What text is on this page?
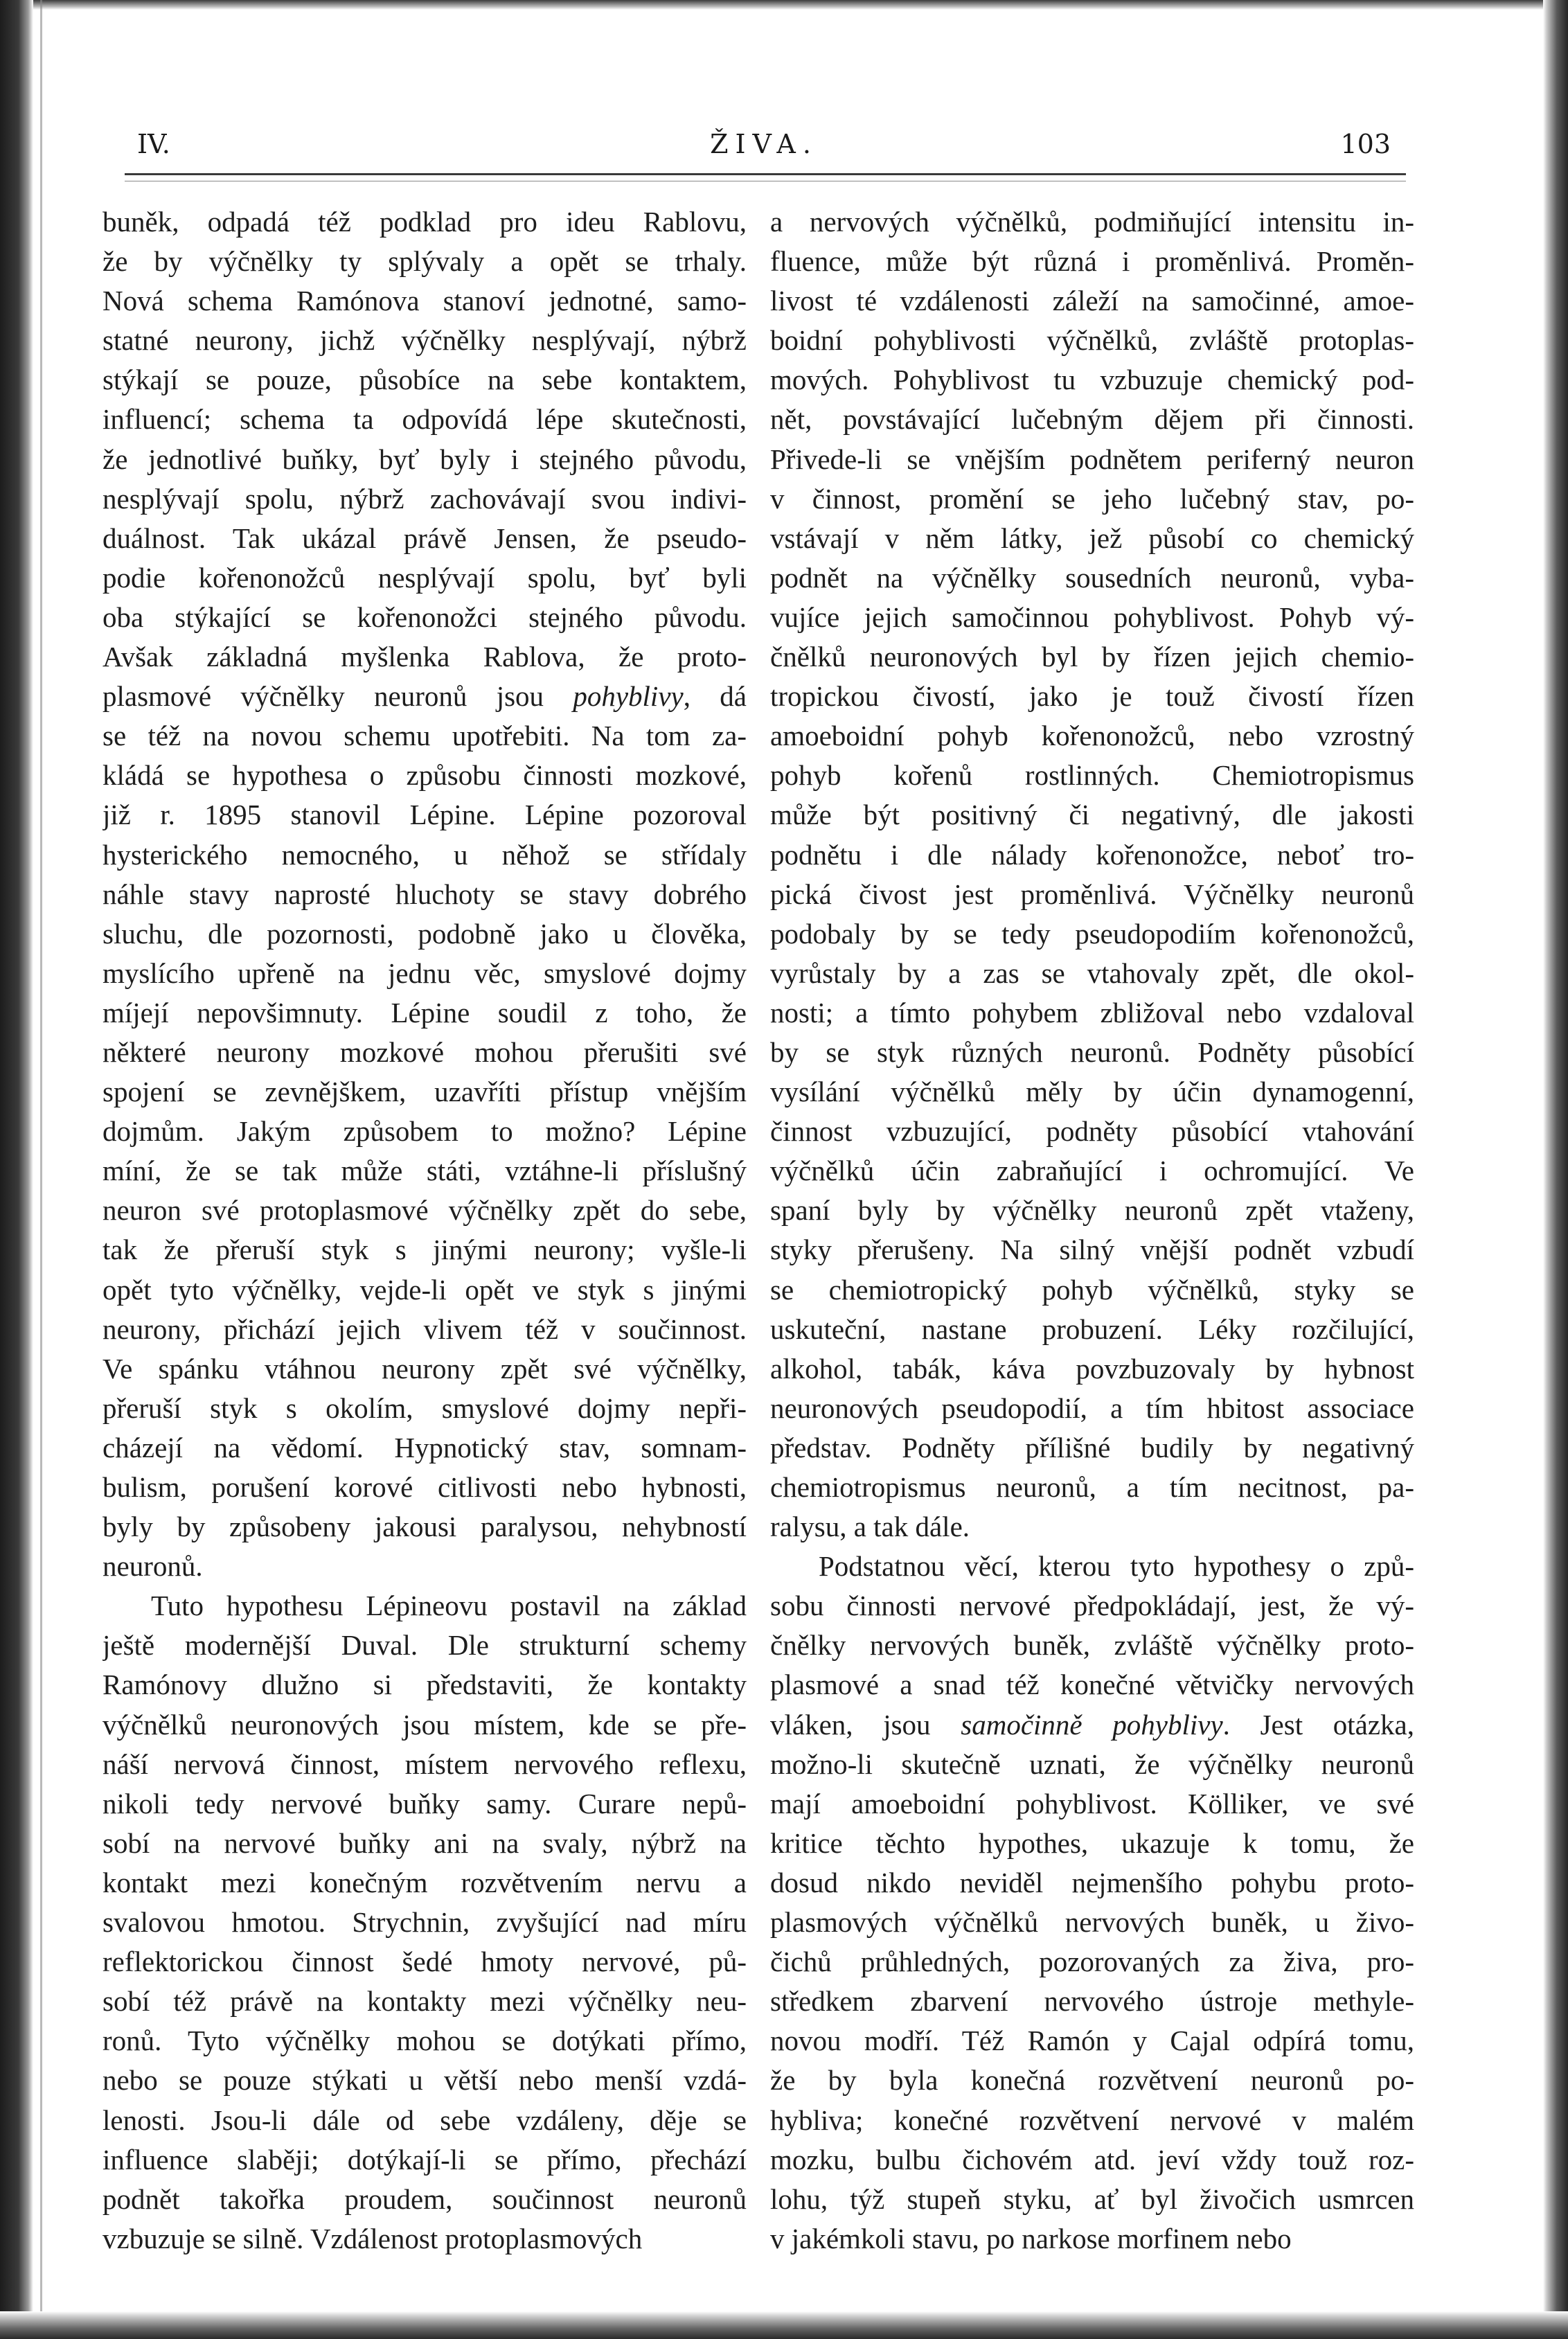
IV.	ŽIVA.	103
buněk, odpadá též podklad pro ideu Rablovu,
že by výčnělky ty splývaly a opět se trhaly.
Nová schema Ramónova stanoví jednotné, samo-
statné neurony, jichž výčnělky nesplývají, nýbrž
stýkají se pouze, působíce na sebe kontaktem,
influencí; schema ta odpovídá lépe skutečnosti,
že jednotlivé buňky, byť byly i stejného původu,
nesplývají spolu, nýbrž zachovávají svou indivi-
duálnost. Tak ukázal právě Jensen, že pseudo-
podie kořenonožců nesplývají spolu, byť byli
oba stýkající se kořenonožci stejného původu.
Avšak základná myšlenka Rablova, že proto-
plasmové výčnělky neuronů jsou pohyblivy, dá
se též na novou schemu upotřebiti. Na tom za-
kládá se hypothesa o způsobu činnosti mozkové,
již r. 1895 stanovil Lépine. Lépine pozoroval
hysterického nemocného, u něhož se střídaly
náhle stavy naprosté hluchoty se stavy dobrého
sluchu, dle pozornosti, podobně jako u člověka,
myslícího upřeně na jednu věc, smyslové dojmy
míjejí nepovšimnuty. Lépine soudil z toho, že
některé neurony mozkové mohou přerušiti své
spojení se zevnějškem, uzavříti přístup vnějším
dojmům. Jakým způsobem to možno? Lépine
míní, že se tak může státi, vztáhne-li příslušný
neuron své protoplasmové výčnělky zpět do sebe,
tak že přeruší styk s jinými neurony; vyšle-li
opět tyto výčnělky, vejde-li opět ve styk s jinými
neurony, přichází jejich vlivem též v součinnost.
Ve spánku vtáhnou neurony zpět své výčnělky,
přeruší styk s okolím, smyslové dojmy nepři-
cházejí na vědomí. Hypnotický stav, somnam-
bulism, porušení korové citlivosti nebo hybnosti,
byly by způsobeny jakousi paralysou, nehybností
neuronů.
Tuto hypothesu Lépineovu postavil na základ
ještě modernější Duval. Dle strukturní schemy
Ramónovy dlužno si představiti, že kontakty
výčnělků neuronových jsou místem, kde se pře-
náší nervová činnost, místem nervového reflexu,
nikoli tedy nervové buňky samy. Curare nepů-
sobí na nervové buňky ani na svaly, nýbrž na
kontakt mezi konečným rozvětvením nervu a
svalovou hmotou. Strychnin, zvyšující nad míru
reflektorickou činnost šedé hmoty nervové, pů-
sobí též právě na kontakty mezi výčnělky neu-
ronů. Tyto výčnělky mohou se dotýkati přímo,
nebo se pouze stýkati u větší nebo menší vzdá-
lenosti. Jsou-li dále od sebe vzdáleny, děje se
influence slaběji; dotýkají-li se přímo, přechází
podnět takořka proudem, součinnost neuronů
vzbuzuje se silně. Vzdálenost protoplasmových
a nervových výčnělků, podmiňující intensitu in-
fluence, může být různá i proměnlivá. Proměn-
livost té vzdálenosti záleží na samočinné, amoe-
boidní pohyblivosti výčnělků, zvláště protoplas-
mových. Pohyblivost tu vzbuzuje chemický pod-
nět, povstávající lučebným dějem při činnosti.
Přivede-li se vnějším podnětem periferný neuron
v činnost, promění se jeho lučebný stav, po-
vstávají v něm látky, jež působí co chemický
podnět na výčnělky sousedních neuronů, vyba-
vujíce jejich samočinnou pohyblivost. Pohyb vý-
čnělků neuronových byl by řízen jejich chemio-
tropickou čivostí, jako je touž čivostí řízen
amoeboidní pohyb kořenonožců, nebo vzrostný
pohyb kořenů rostlinných. Chemiotropismus
může být positivný či negativný, dle jakosti
podnětu i dle nálady kořenonožce, neboť tro-
pická čivost jest proměnlivá. Výčnělky neuronů
podobaly by se tedy pseudopodiím kořenonožců,
vyrůstaly by a zas se vtahovaly zpět, dle okol-
nosti; a tímto pohybem zbližoval nebo vzdaloval
by se styk různých neuronů. Podněty působící
vysílání výčnělků měly by účin dynamogenní,
činnost vzbuzující, podněty působící vtahování
výčnělků účin zabraňující i ochromující. Ve
spaní byly by výčnělky neuronů zpět vtaženy,
styky přerušeny. Na silný vnější podnět vzbudí
se chemiotropický pohyb výčnělků, styky se
uskuteční, nastane probuzení. Léky rozčilující,
alkohol, tabák, káva povzbuzovaly by hybnost
neuronových pseudopodií, a tím hbitost associace
představ. Podněty přílišné budily by negativný
chemiotropismus neuronů, a tím necitnost, pa-
ralysu, a tak dále.
Podstatnou věcí, kterou tyto hypothesy o způ-
sobu činnosti nervové předpokládají, jest, že vý-
čnělky nervových buněk, zvláště výčnělky proto-
plasmové a snad též konečné větvičky nervových
vláken, jsou samočinně pohyblivy. Jest otázka,
možno-li skutečně uznati, že výčnělky neuronů
mají amoeboidní pohyblivost. Kölliker, ve své
kritice těchto hypothes, ukazuje k tomu, že
dosud nikdo neviděl nejmenšího pohybu proto-
plasmových výčnělků nervových buněk, u živo-
čichů průhledných, pozorovaných za živa, pro-
středkem zbarvení nervového ústroje methyle-
novou modří. Též Ramón y Cajal odpírá tomu,
že by byla konečná rozvětvení neuronů po-
hybliva; konečné rozvětvení nervové v malém
mozku, bulbu čichovém atd. jeví vždy touž roz-
lohu, týž stupeň styku, ať byl živočich usmrcen
v jakémkoli stavu, po narkose morfinem nebo
